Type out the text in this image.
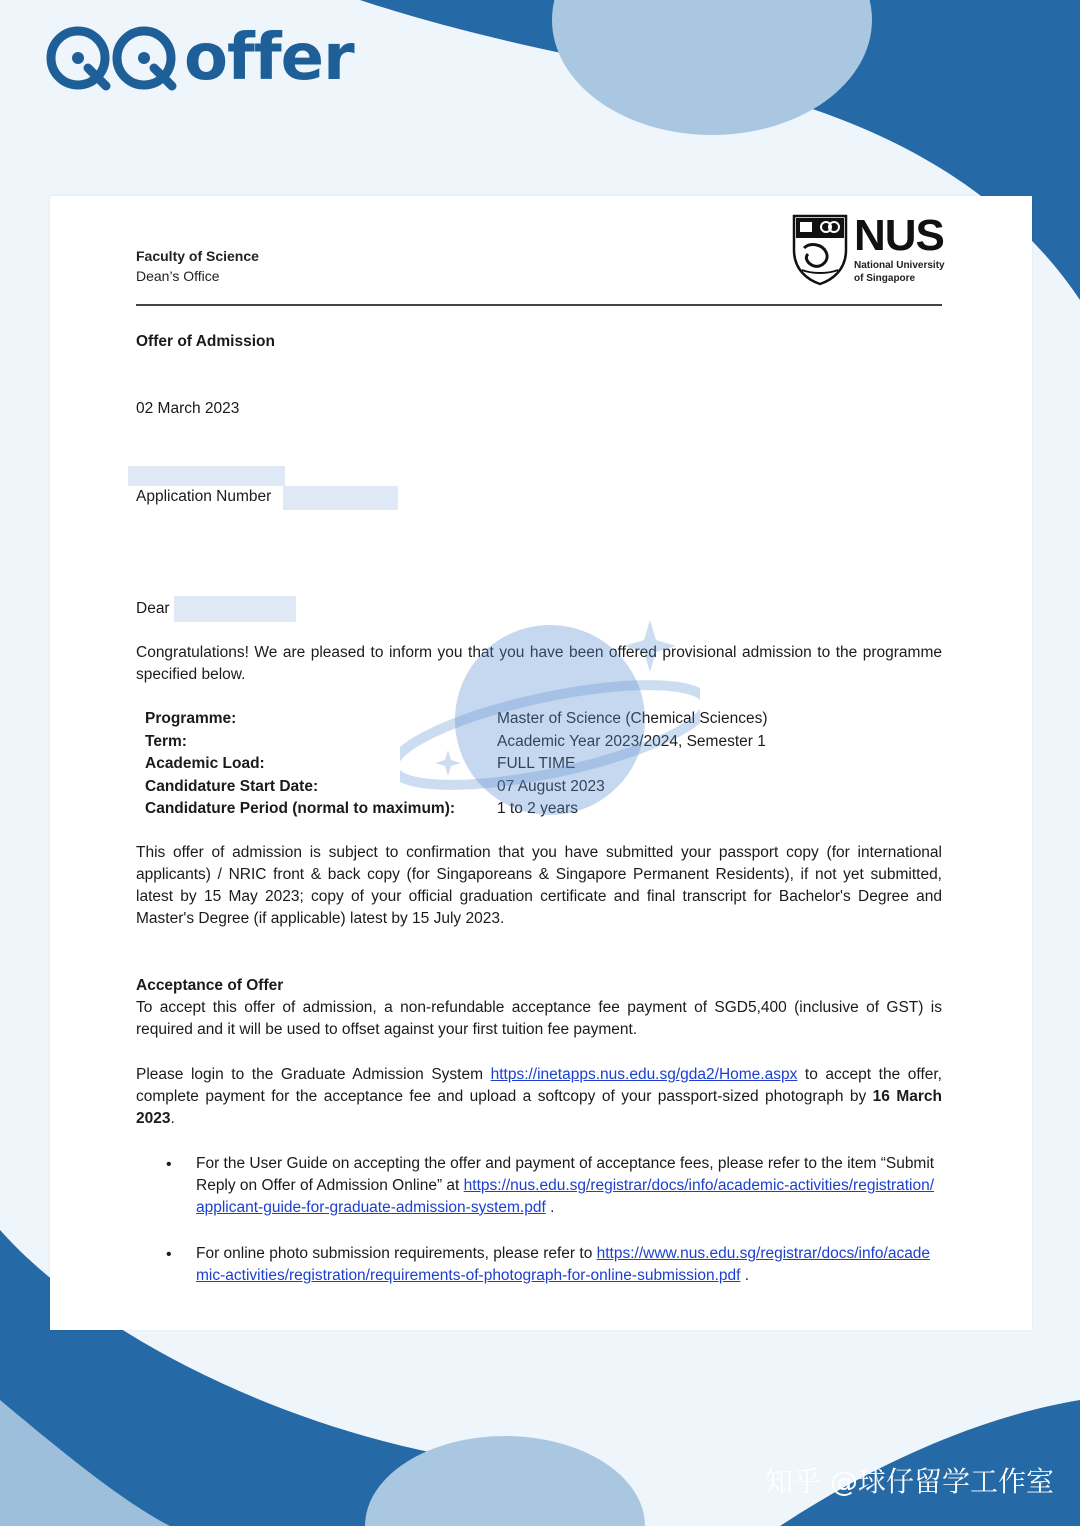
offer
Faculty of Science
Dean’s Office
NUS
National University
of Singapore
Offer of Admission
02 March 2023
Application Number
Dear
Congratulations! We are pleased to inform you that you have been offered provisional admission to the programme specified below.
Programme:	Master of Science (Chemical Sciences)
Term:	Academic Year 2023/2024, Semester 1
Academic Load:	FULL TIME
Candidature Start Date:	07 August 2023
Candidature Period (normal to maximum):	1 to 2 years
This offer of admission is subject to confirmation that you have submitted your passport copy (for international applicants) / NRIC front & back copy (for Singaporeans & Singapore Permanent Residents), if not yet submitted, latest by 15 May 2023; copy of your official graduation certificate and final transcript for Bachelor's Degree and Master's Degree (if applicable) latest by 15 July 2023.
Acceptance of Offer
To accept this offer of admission, a non-refundable acceptance fee payment of SGD5,400 (inclusive of GST) is required and it will be used to offset against your first tuition fee payment.
Please login to the Graduate Admission System https://inetapps.nus.edu.sg/gda2/Home.aspx to accept the offer, complete payment for the acceptance fee and upload a softcopy of your passport-sized photograph by 16 March 2023.
• For the User Guide on accepting the offer and payment of acceptance fees, please refer to the item “Submit Reply on Offer of Admission Online” at https://nus.edu.sg/registrar/docs/info/academic-activities/registration/applicant-guide-for-graduate-admission-system.pdf .
• For online photo submission requirements, please refer to https://www.nus.edu.sg/registrar/docs/info/academic-activities/registration/requirements-of-photograph-for-online-submission.pdf .
知乎 @球仔留学工作室
